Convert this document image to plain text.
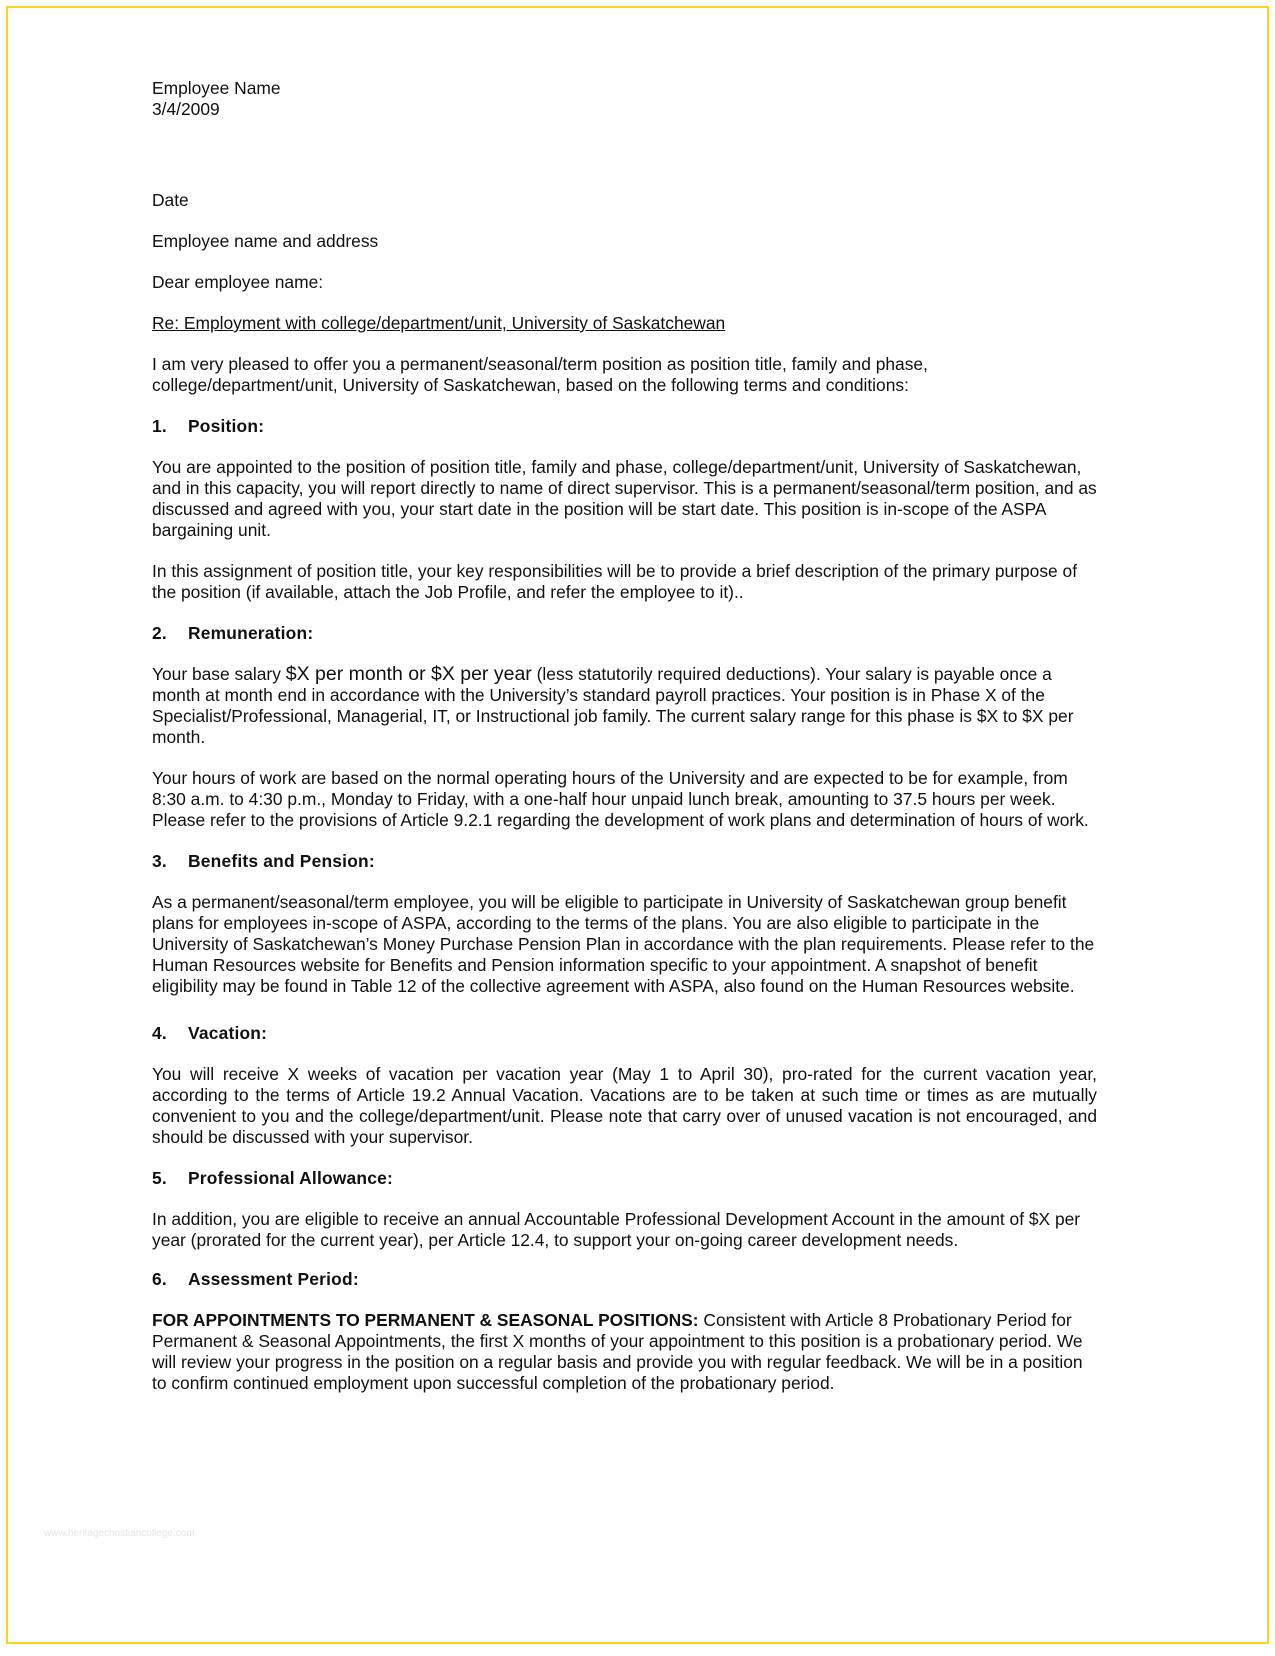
Employee Name

3/4/2009

Date

Employee name and address

Dear employee name:

Re: Employment with college/department/unit, University of Saskatchewan

I am very pleased to offer you a permanent/seasonal/term position as position title, family and phase, college/department/unit, University of Saskatchewan, based on the following terms and conditions:

1. Position:

You are appointed to the position of position title, family and phase, college/department/unit, University of Saskatchewan, and in this capacity, you will report directly to name of direct supervisor. This is a permanent/seasonal/term position, and as discussed and agreed with you, your start date in the position will be start date. This position is in-scope of the ASPA bargaining unit.

In this assignment of position title, your key responsibilities will be to provide a brief description of the primary purpose of the position (if available, attach the Job Profile, and refer the employee to it)..

2. Remuneration:

Your base salary $X per month or $X per year (less statutorily required deductions). Your salary is payable once a month at month end in accordance with the University’s standard payroll practices. Your position is in Phase X of the Specialist/Professional, Managerial, IT, or Instructional job family. The current salary range for this phase is $X to $X per month.

Your hours of work are based on the normal operating hours of the University and are expected to be for example, from 8:30 a.m. to 4:30 p.m., Monday to Friday, with a one-half hour unpaid lunch break, amounting to 37.5 hours per week. Please refer to the provisions of Article 9.2.1 regarding the development of work plans and determination of hours of work.

3. Benefits and Pension:

As a permanent/seasonal/term employee, you will be eligible to participate in University of Saskatchewan group benefit plans for employees in-scope of ASPA, according to the terms of the plans. You are also eligible to participate in the University of Saskatchewan’s Money Purchase Pension Plan in accordance with the plan requirements. Please refer to the Human Resources website for Benefits and Pension information specific to your appointment. A snapshot of benefit eligibility may be found in Table 12 of the collective agreement with ASPA, also found on the Human Resources website.

4. Vacation:

You will receive X weeks of vacation per vacation year (May 1 to April 30), pro-rated for the current vacation year, according to the terms of Article 19.2 Annual Vacation. Vacations are to be taken at such time or times as are mutually convenient to you and the college/department/unit. Please note that carry over of unused vacation is not encouraged, and should be discussed with your supervisor.

5. Professional Allowance:

In addition, you are eligible to receive an annual Accountable Professional Development Account in the amount of $X per year (prorated for the current year), per Article 12.4, to support your on-going career development needs.

6. Assessment Period:

FOR APPOINTMENTS TO PERMANENT & SEASONAL POSITIONS: Consistent with Article 8 Probationary Period for Permanent & Seasonal Appointments, the first X months of your appointment to this position is a probationary period. We will review your progress in the position on a regular basis and provide you with regular feedback. We will be in a position to confirm continued employment upon successful completion of the probationary period.

www.heritagechristiancollege.com
